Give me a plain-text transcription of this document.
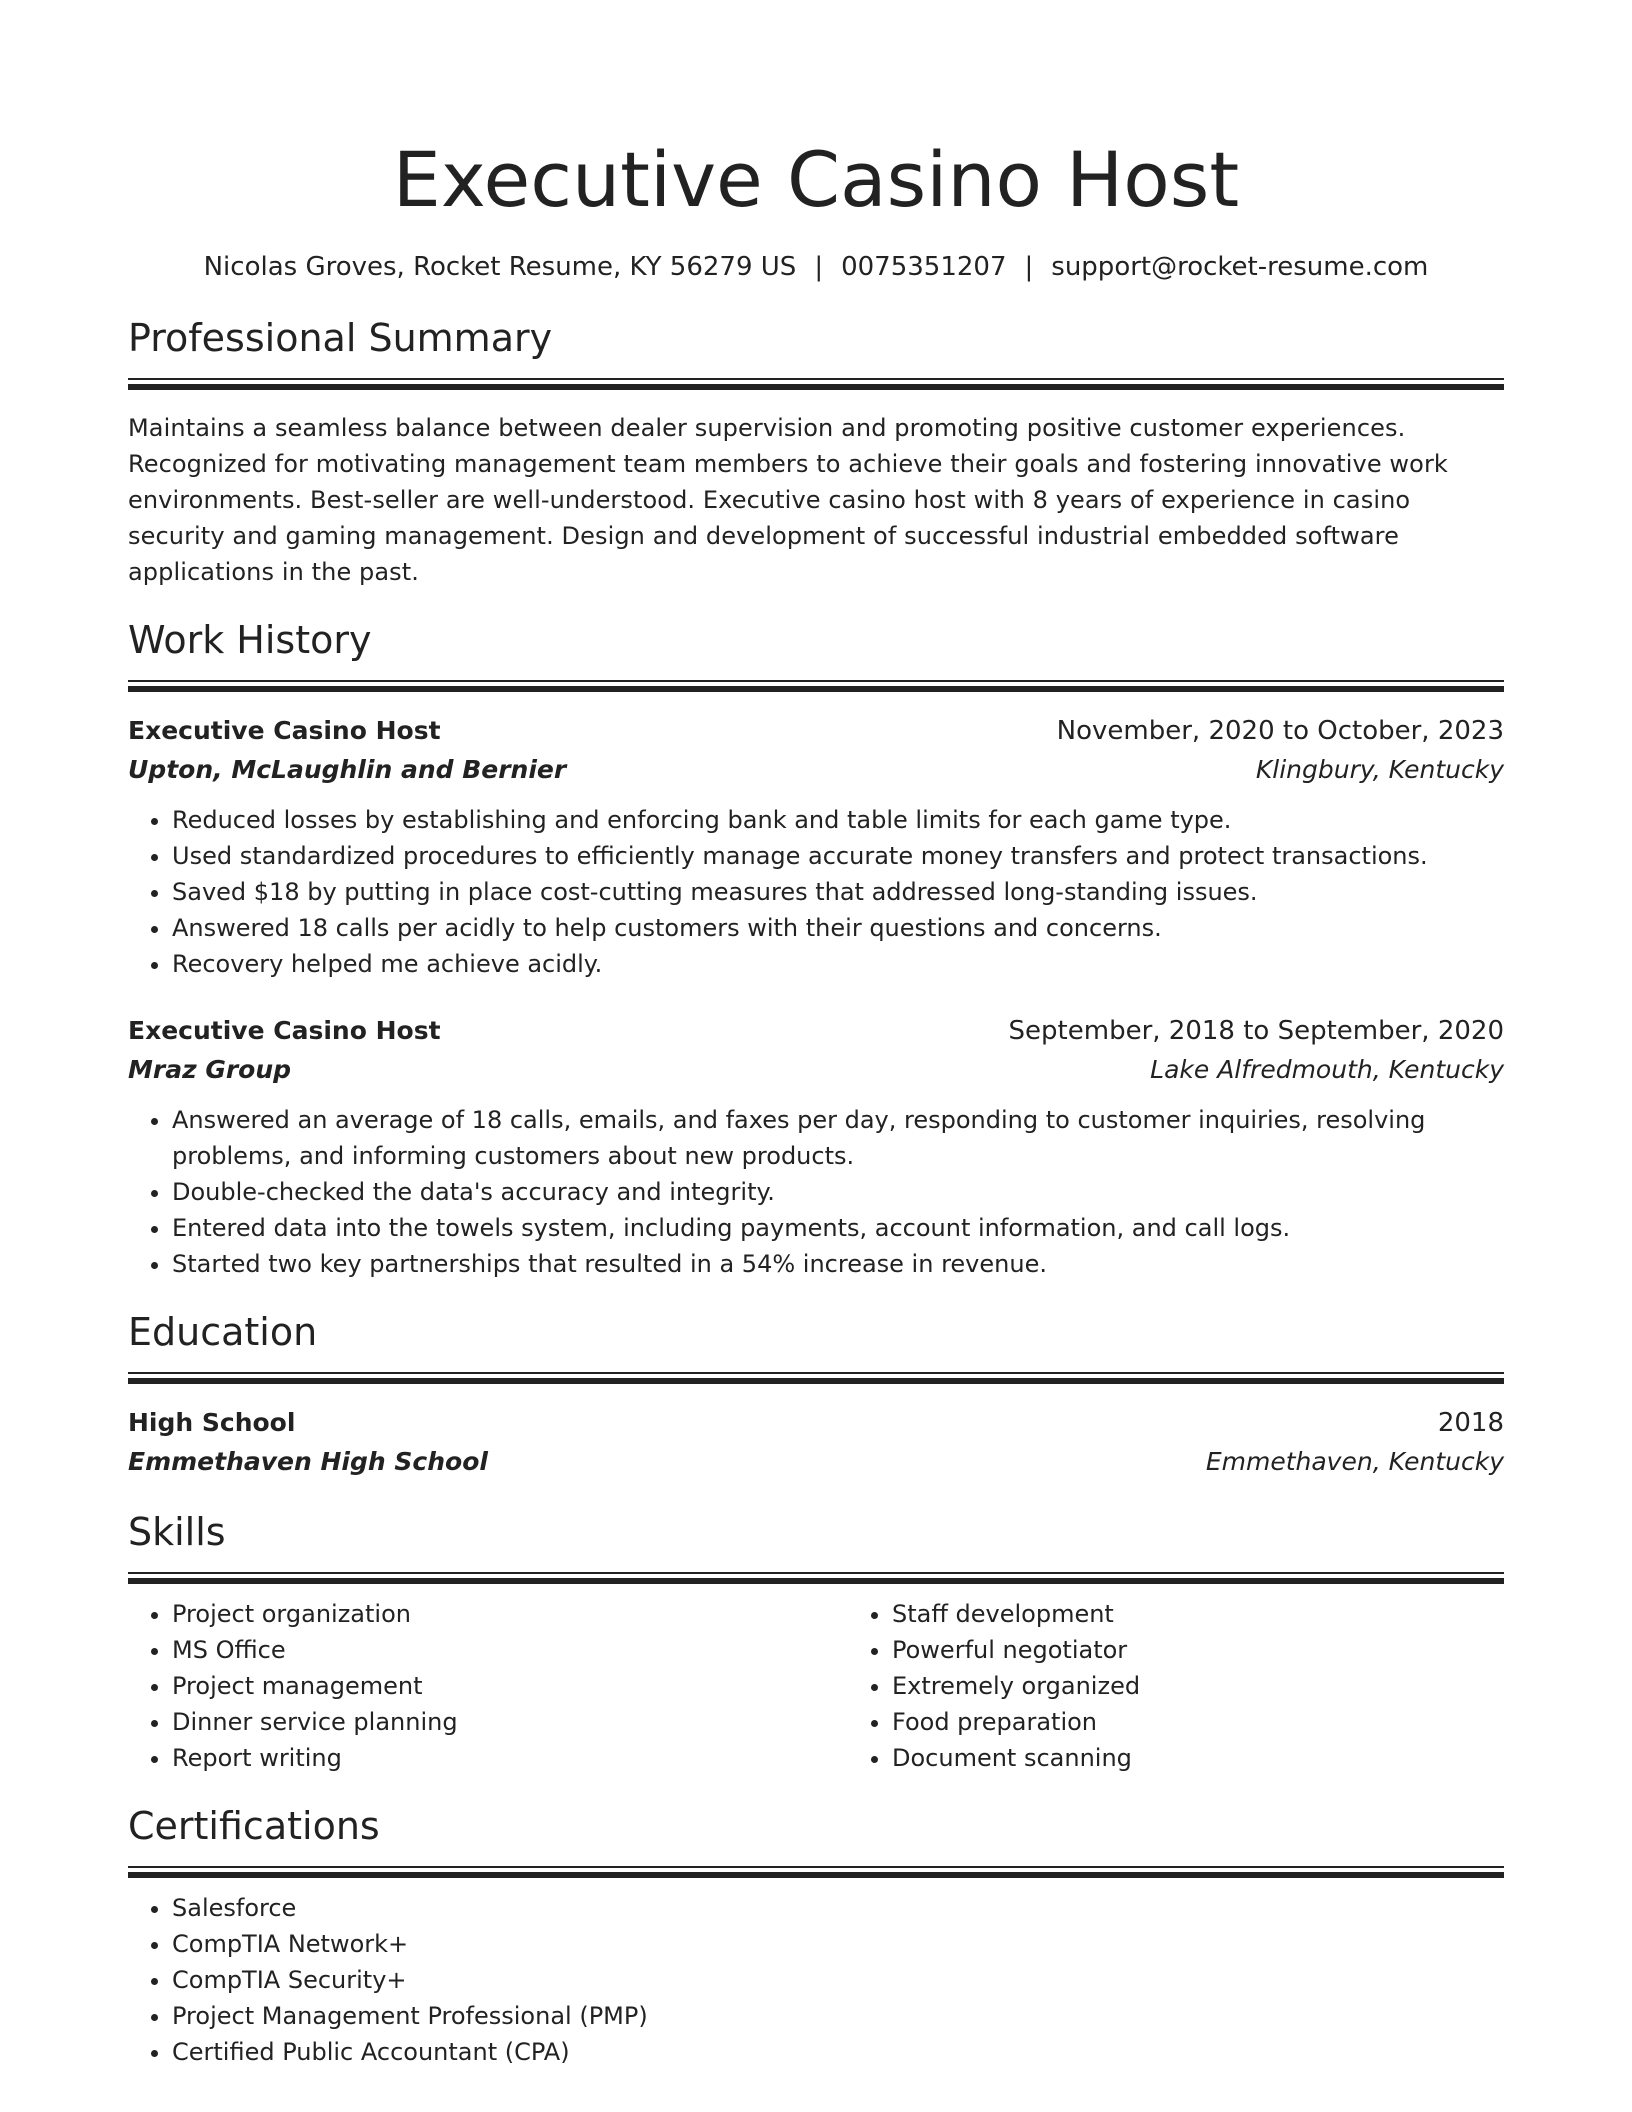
Executive Casino Host
Nicolas Groves, Rocket Resume, KY 56279 US | 0075351207 | support@rocket-resume.com
Professional Summary
Maintains a seamless balance between dealer supervision and promoting positive customer experiences. Recognized for motivating management team members to achieve their goals and fostering innovative work environments. Best-seller are well-understood. Executive casino host with 8 years of experience in casino security and gaming management. Design and development of successful industrial embedded software applications in the past.
Work History
Executive Casino Host	November, 2020 to October, 2023
Upton, McLaughlin and Bernier	Klingbury, Kentucky
• Reduced losses by establishing and enforcing bank and table limits for each game type.
• Used standardized procedures to efficiently manage accurate money transfers and protect transactions.
• Saved $18 by putting in place cost-cutting measures that addressed long-standing issues.
• Answered 18 calls per acidly to help customers with their questions and concerns.
• Recovery helped me achieve acidly.
Executive Casino Host	September, 2018 to September, 2020
Mraz Group	Lake Alfredmouth, Kentucky
• Answered an average of 18 calls, emails, and faxes per day, responding to customer inquiries, resolving problems, and informing customers about new products.
• Double-checked the data's accuracy and integrity.
• Entered data into the towels system, including payments, account information, and call logs.
• Started two key partnerships that resulted in a 54% increase in revenue.
Education
High School	2018
Emmethaven High School	Emmethaven, Kentucky
Skills
• Project organization
• MS Office
• Project management
• Dinner service planning
• Report writing
• Staff development
• Powerful negotiator
• Extremely organized
• Food preparation
• Document scanning
Certifications
• Salesforce
• CompTIA Network+
• CompTIA Security+
• Project Management Professional (PMP)
• Certified Public Accountant (CPA)
